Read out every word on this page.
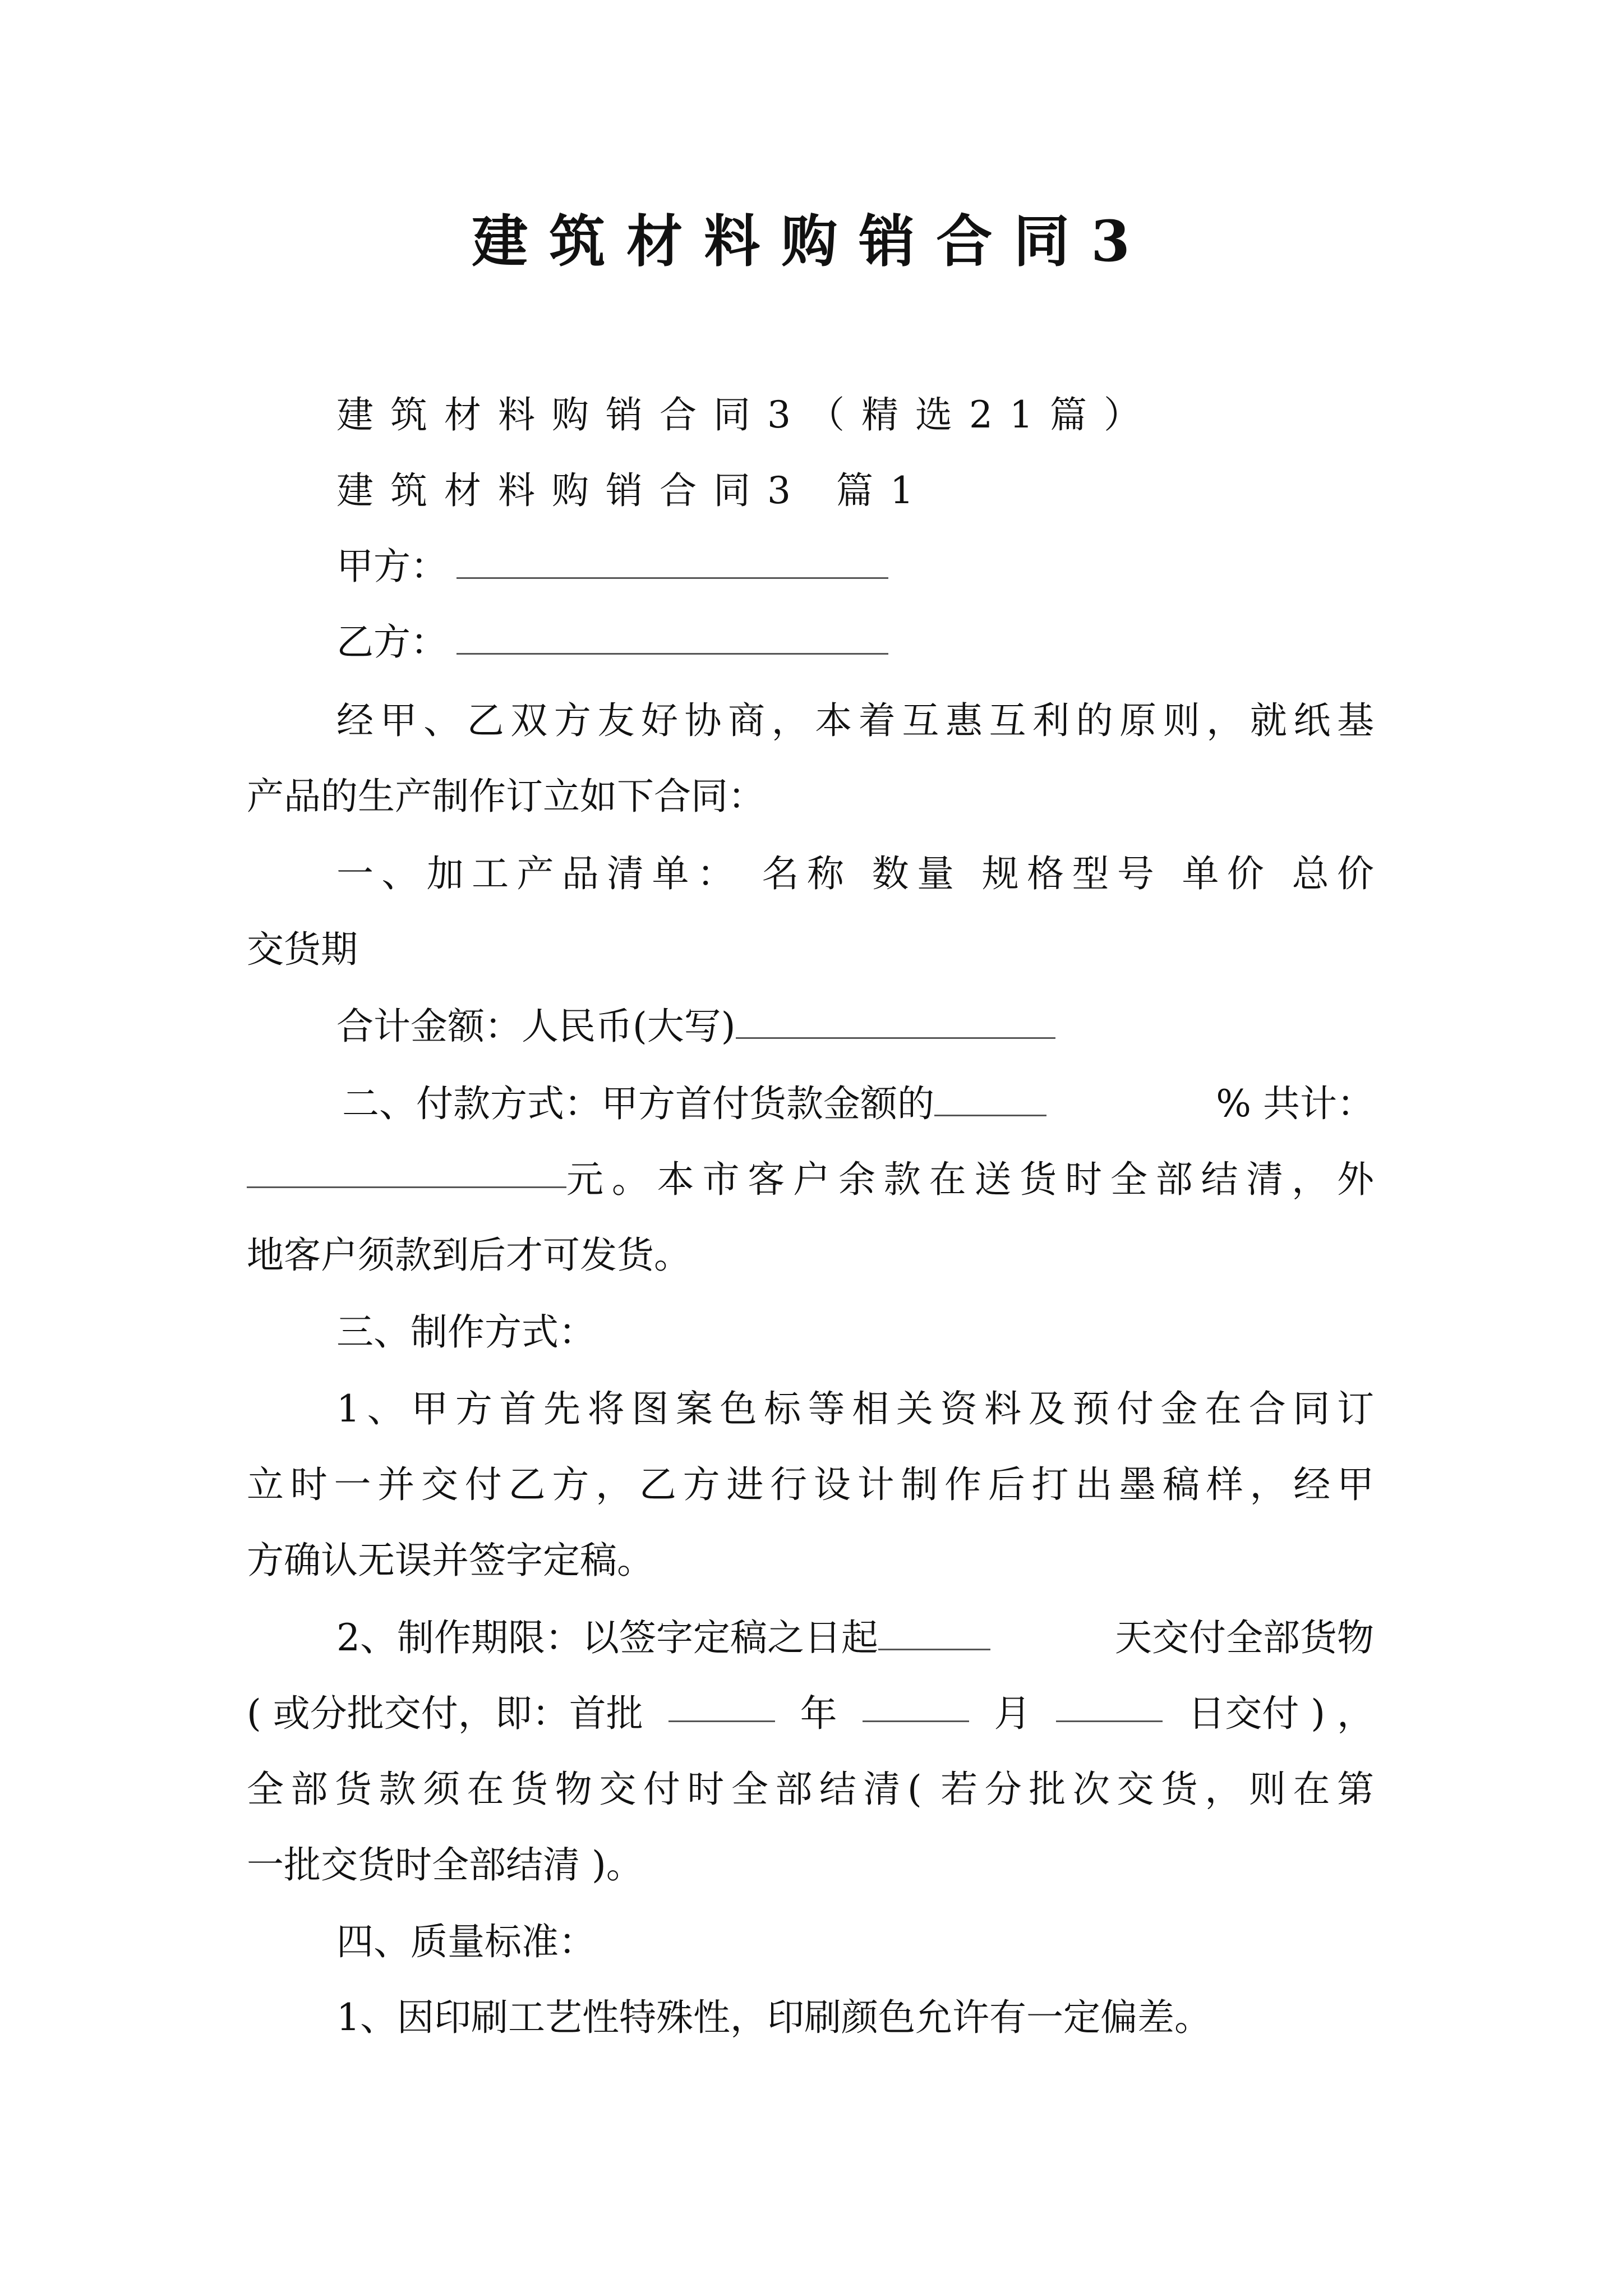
建筑材料购销合同3
建筑材料购销合同3（精选21篇）
建筑材料购销合同3 篇1
甲方：
乙方：
经甲、乙双方友好协商，本着互惠互利的原则，就纸基
产品的生产制作订立如下合同：
一、加工产品清单： 名称 数量 规格型号 单价 总价
交货期
合计金额：人民币(大写)
二、付款方式：甲方首付货款金额的	% 共计：
元。本市客户余款在送货时全部结清，外
地客户须款到后才可发货。
三、制作方式：
1、甲方首先将图案色标等相关资料及预付金在合同订
立时一并交付乙方，乙方进行设计制作后打出墨稿样，经甲
方确认无误并签字定稿。
2、制作期限：以签字定稿之日起	天交付全部货物
( 或分批交付，即：首批	年	月	日交付 ) ，
全部货款须在货物交付时全部结清( 若分批次交货，则在第
一批交货时全部结清 )。
四、质量标准：
1、因印刷工艺性特殊性，印刷颜色允许有一定偏差。
